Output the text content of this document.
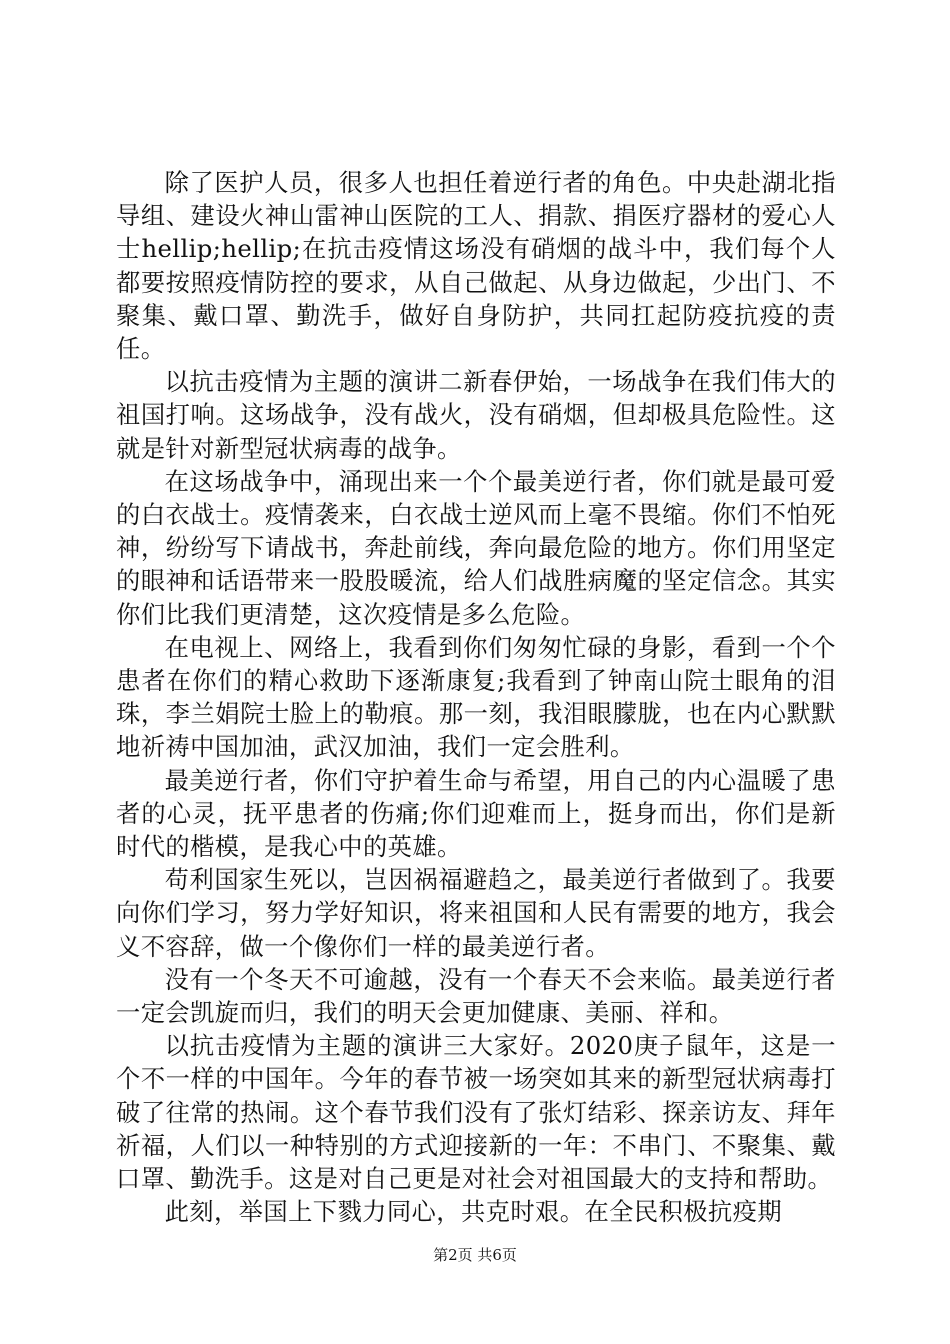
除了医护人员，很多人也担任着逆行者的角色。中央赴湖北指导组、建设火神山雷神山医院的工人、捐款、捐医疗器材的爱心人士hellip;hellip;在抗击疫情这场没有硝烟的战斗中，我们每个人都要按照疫情防控的要求，从自己做起、从身边做起，少出门、不聚集、戴口罩、勤洗手，做好自身防护，共同扛起防疫抗疫的责任。

以抗击疫情为主题的演讲二新春伊始，一场战争在我们伟大的祖国打响。这场战争，没有战火，没有硝烟，但却极具危险性。这就是针对新型冠状病毒的战争。

在这场战争中，涌现出来一个个最美逆行者，你们就是最可爱的白衣战士。疫情袭来，白衣战士逆风而上毫不畏缩。你们不怕死神，纷纷写下请战书，奔赴前线，奔向最危险的地方。你们用坚定的眼神和话语带来一股股暖流，给人们战胜病魔的坚定信念。其实你们比我们更清楚，这次疫情是多么危险。

在电视上、网络上，我看到你们匆匆忙碌的身影，看到一个个患者在你们的精心救助下逐渐康复;我看到了钟南山院士眼角的泪珠，李兰娟院士脸上的勒痕。那一刻，我泪眼朦胧，也在内心默默地祈祷中国加油，武汉加油，我们一定会胜利。

最美逆行者，你们守护着生命与希望，用自己的内心温暖了患者的心灵，抚平患者的伤痛;你们迎难而上，挺身而出，你们是新时代的楷模，是我心中的英雄。

苟利国家生死以，岂因祸福避趋之，最美逆行者做到了。我要向你们学习，努力学好知识，将来祖国和人民有需要的地方，我会义不容辞，做一个像你们一样的最美逆行者。

没有一个冬天不可逾越，没有一个春天不会来临。最美逆行者一定会凯旋而归，我们的明天会更加健康、美丽、祥和。

以抗击疫情为主题的演讲三大家好。2020庚子鼠年，这是一个不一样的中国年。今年的春节被一场突如其来的新型冠状病毒打破了往常的热闹。这个春节我们没有了张灯结彩、探亲访友、拜年祈福，人们以一种特别的方式迎接新的一年：不串门、不聚集、戴口罩、勤洗手。这是对自己更是对社会对祖国最大的支持和帮助。

此刻，举国上下戮力同心，共克时艰。在全民积极抗疫期

第2页 共6页
